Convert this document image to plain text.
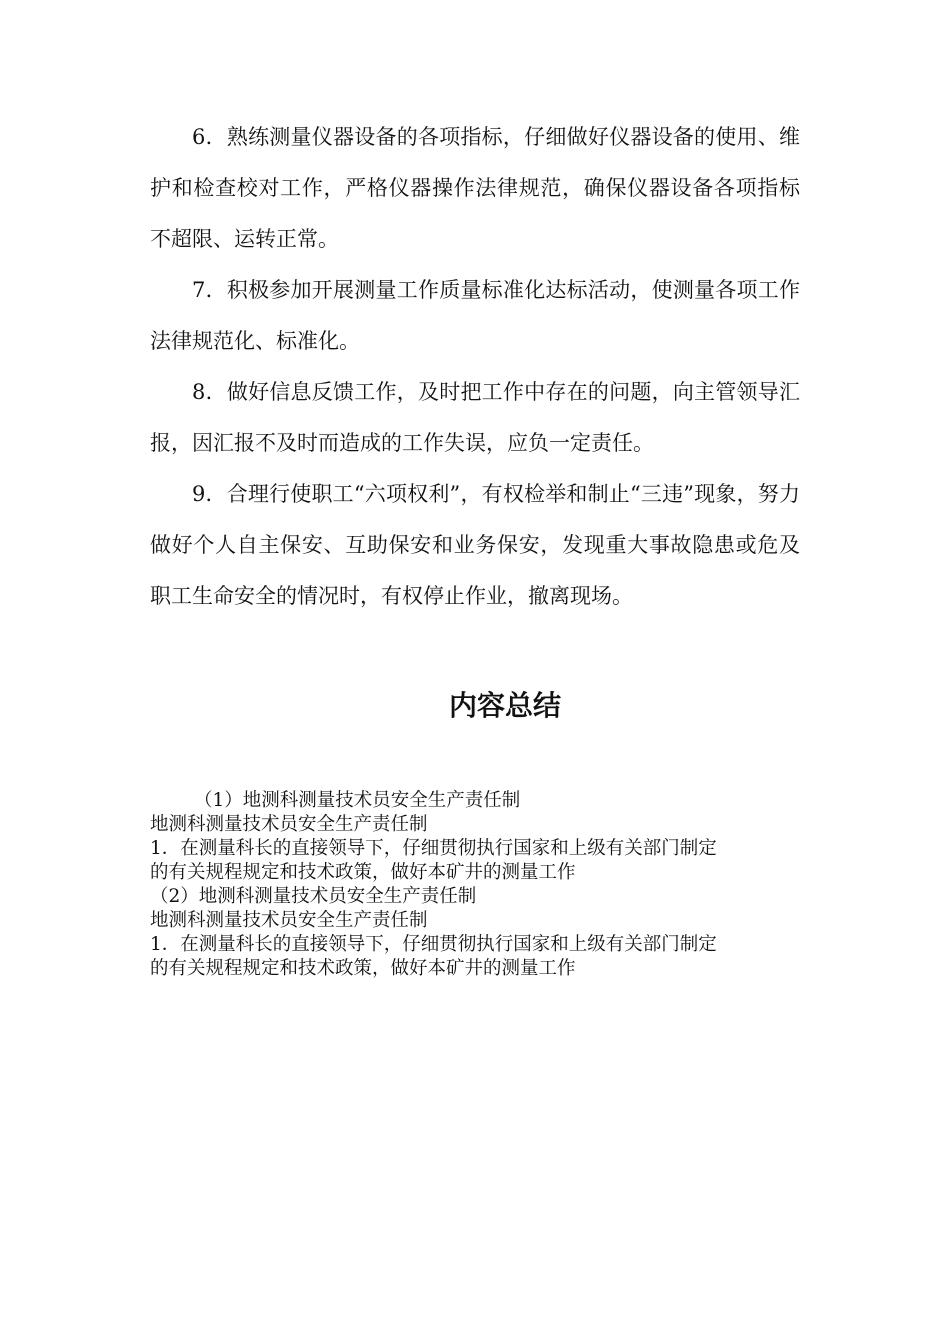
6．熟练测量仪器设备的各项指标，仔细做好仪器设备的使用、维护和检查校对工作，严格仪器操作法律规范，确保仪器设备各项指标不超限、运转正常。

7．积极参加开展测量工作质量标准化达标活动，使测量各项工作法律规范化、标准化。

8．做好信息反馈工作，及时把工作中存在的问题，向主管领导汇报，因汇报不及时而造成的工作失误，应负一定责任。

9．合理行使职工“六项权利”，有权检举和制止“三违”现象，努力做好个人自主保安、互助保安和业务保安，发现重大事故隐患或危及职工生命安全的情况时，有权停止作业，撤离现场。

内容总结

（1）地测科测量技术员安全生产责任制

地测科测量技术员安全生产责任制

1．在测量科长的直接领导下，仔细贯彻执行国家和上级有关部门制定

的有关规程规定和技术政策，做好本矿井的测量工作

（2）地测科测量技术员安全生产责任制

地测科测量技术员安全生产责任制

1．在测量科长的直接领导下，仔细贯彻执行国家和上级有关部门制定

的有关规程规定和技术政策，做好本矿井的测量工作
